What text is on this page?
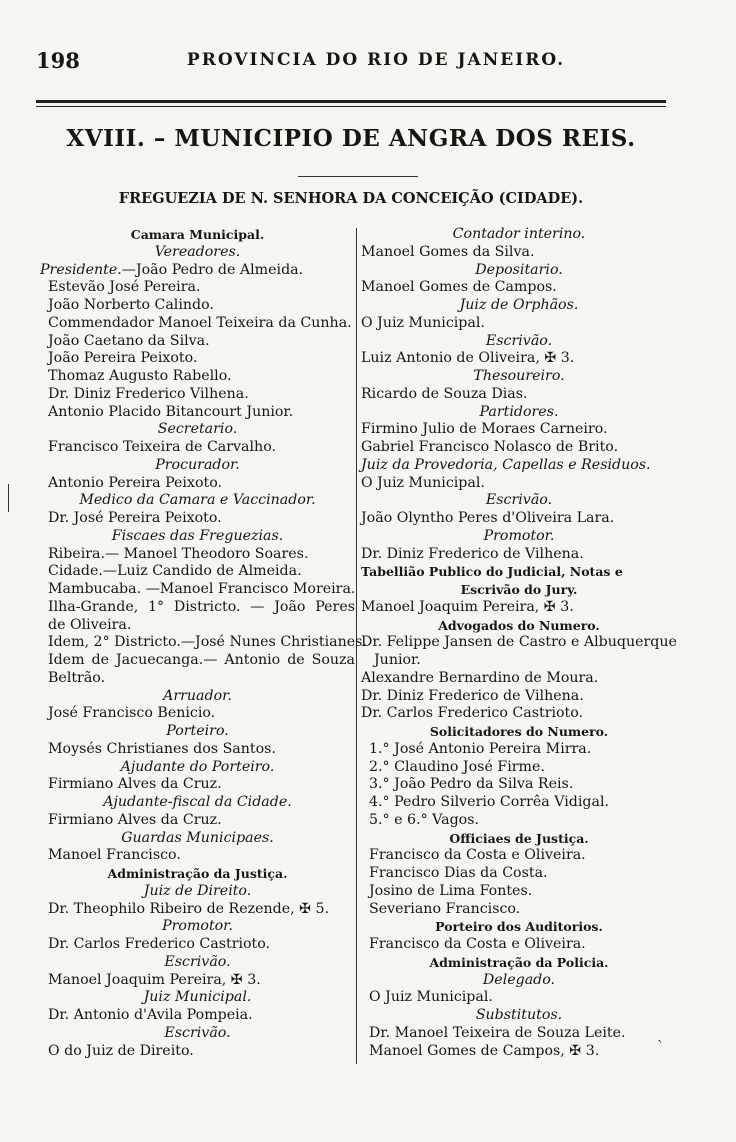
198	PROVINCIA DO RIO DE JANEIRO.
XVIII. – MUNICIPIO DE ANGRA DOS REIS.
FREGUEZIA DE N. SENHORA DA CONCEIÇÃO (CIDADE).
ˋ
Camara Municipal.
Vereadores.
Presidente.—João Pedro de Almeida.
Estevão José Pereira.
João Norberto Calindo.
Commendador Manoel Teixeira da Cunha.
João Caetano da Silva.
João Pereira Peixoto.
Thomaz Augusto Rabello.
Dr. Diniz Frederico Vilhena.
Antonio Placido Bitancourt Junior.
Secretario.
Francisco Teixeira de Carvalho.
Procurador.
Antonio Pereira Peixoto.
Medico da Camara e Vaccinador.
Dr. José Pereira Peixoto.
Fiscaes das Freguezias.
Ribeira.— Manoel Theodoro Soares.
Cidade.—Luiz Candido de Almeida.
Mambucaba. —Manoel Francisco Moreira.
Ilha-Grande, 1° Districto. — João Peres
de Oliveira.
Idem, 2° Districto.—José Nunes Christianes.
Idem de Jacuecanga.— Antonio de Souza
Beltrão.
Arruador.
José Francisco Benicio.
Porteiro.
Moysés Christianes dos Santos.
Ajudante do Porteiro.
Firmiano Alves da Cruz.
Ajudante-fiscal da Cidade.
Firmiano Alves da Cruz.
Guardas Municipaes.
Manoel Francisco.
Administração da Justiça.
Juiz de Direito.
Dr. Theophilo Ribeiro de Rezende, ✠ 5.
Promotor.
Dr. Carlos Frederico Castrioto.
Escrivão.
Manoel Joaquim Pereira, ✠ 3.
Juiz Municipal.
Dr. Antonio d'Avila Pompeia.
Escrivão.
O do Juiz de Direito.
Contador interino.
Manoel Gomes da Silva.
Depositario.
Manoel Gomes de Campos.
Juiz de Orphãos.
O Juiz Municipal.
Escrivão.
Luiz Antonio de Oliveira, ✠ 3.
Thesoureiro.
Ricardo de Souza Dias.
Partidores.
Firmino Julio de Moraes Carneiro.
Gabriel Francisco Nolasco de Brito.
Juiz da Provedoria, Capellas e Residuos.
O Juiz Municipal.
Escrivão.
João Olyntho Peres d'Oliveira Lara.
Promotor.
Dr. Diniz Frederico de Vilhena.
Tabellião Publico do Judicial, Notas e
Escrivão do Jury.
Manoel Joaquim Pereira, ✠ 3.
Advogados do Numero.
Dr. Felippe Jansen de Castro e Albuquerque
Junior.
Alexandre Bernardino de Moura.
Dr. Diniz Frederico de Vilhena.
Dr. Carlos Frederico Castrioto.
Solicitadores do Numero.
1.° José Antonio Pereira Mirra.
2.° Claudino José Firme.
3.° João Pedro da Silva Reis.
4.° Pedro Silverio Corrêa Vidigal.
5.° e 6.° Vagos.
Officiaes de Justiça.
Francisco da Costa e Oliveira.
Francisco Dias da Costa.
Josino de Lima Fontes.
Severiano Francisco.
Porteiro dos Auditorios.
Francisco da Costa e Oliveira.
Administração da Policia.
Delegado.
O Juiz Municipal.
Substitutos.
Dr. Manoel Teixeira de Souza Leite.
Manoel Gomes de Campos, ✠ 3.
